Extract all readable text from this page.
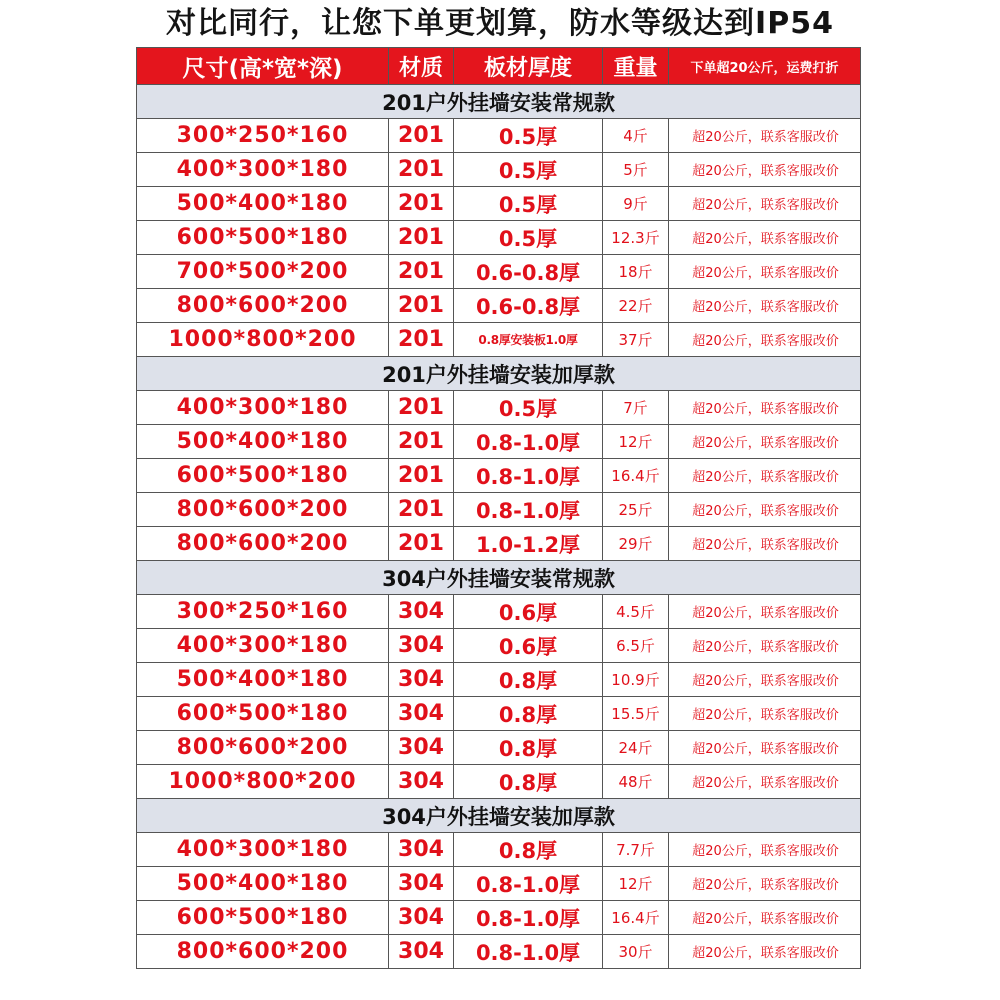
对比同行，让您下单更划算，防水等级达到IP54
尺寸(高*宽*深)	材质	板材厚度	重量	下单超20公斤，运费打折
201户外挂墙安装常规款				
300*250*160	201	0.5厚	4斤	超20公斤，联系客服改价
400*300*180	201	0.5厚	5斤	超20公斤，联系客服改价
500*400*180	201	0.5厚	9斤	超20公斤，联系客服改价
600*500*180	201	0.5厚	12.3斤	超20公斤，联系客服改价
700*500*200	201	0.6-0.8厚	18斤	超20公斤，联系客服改价
800*600*200	201	0.6-0.8厚	22斤	超20公斤，联系客服改价
1000*800*200	201	0.8厚安装板1.0厚	37斤	超20公斤，联系客服改价
201户外挂墙安装加厚款				
400*300*180	201	0.5厚	7斤	超20公斤，联系客服改价
500*400*180	201	0.8-1.0厚	12斤	超20公斤，联系客服改价
600*500*180	201	0.8-1.0厚	16.4斤	超20公斤，联系客服改价
800*600*200	201	0.8-1.0厚	25斤	超20公斤，联系客服改价
800*600*200	201	1.0-1.2厚	29斤	超20公斤，联系客服改价
304户外挂墙安装常规款				
300*250*160	304	0.6厚	4.5斤	超20公斤，联系客服改价
400*300*180	304	0.6厚	6.5斤	超20公斤，联系客服改价
500*400*180	304	0.8厚	10.9斤	超20公斤，联系客服改价
600*500*180	304	0.8厚	15.5斤	超20公斤，联系客服改价
800*600*200	304	0.8厚	24斤	超20公斤，联系客服改价
1000*800*200	304	0.8厚	48斤	超20公斤，联系客服改价
304户外挂墙安装加厚款				
400*300*180	304	0.8厚	7.7斤	超20公斤，联系客服改价
500*400*180	304	0.8-1.0厚	12斤	超20公斤，联系客服改价
600*500*180	304	0.8-1.0厚	16.4斤	超20公斤，联系客服改价
800*600*200	304	0.8-1.0厚	30斤	超20公斤，联系客服改价
